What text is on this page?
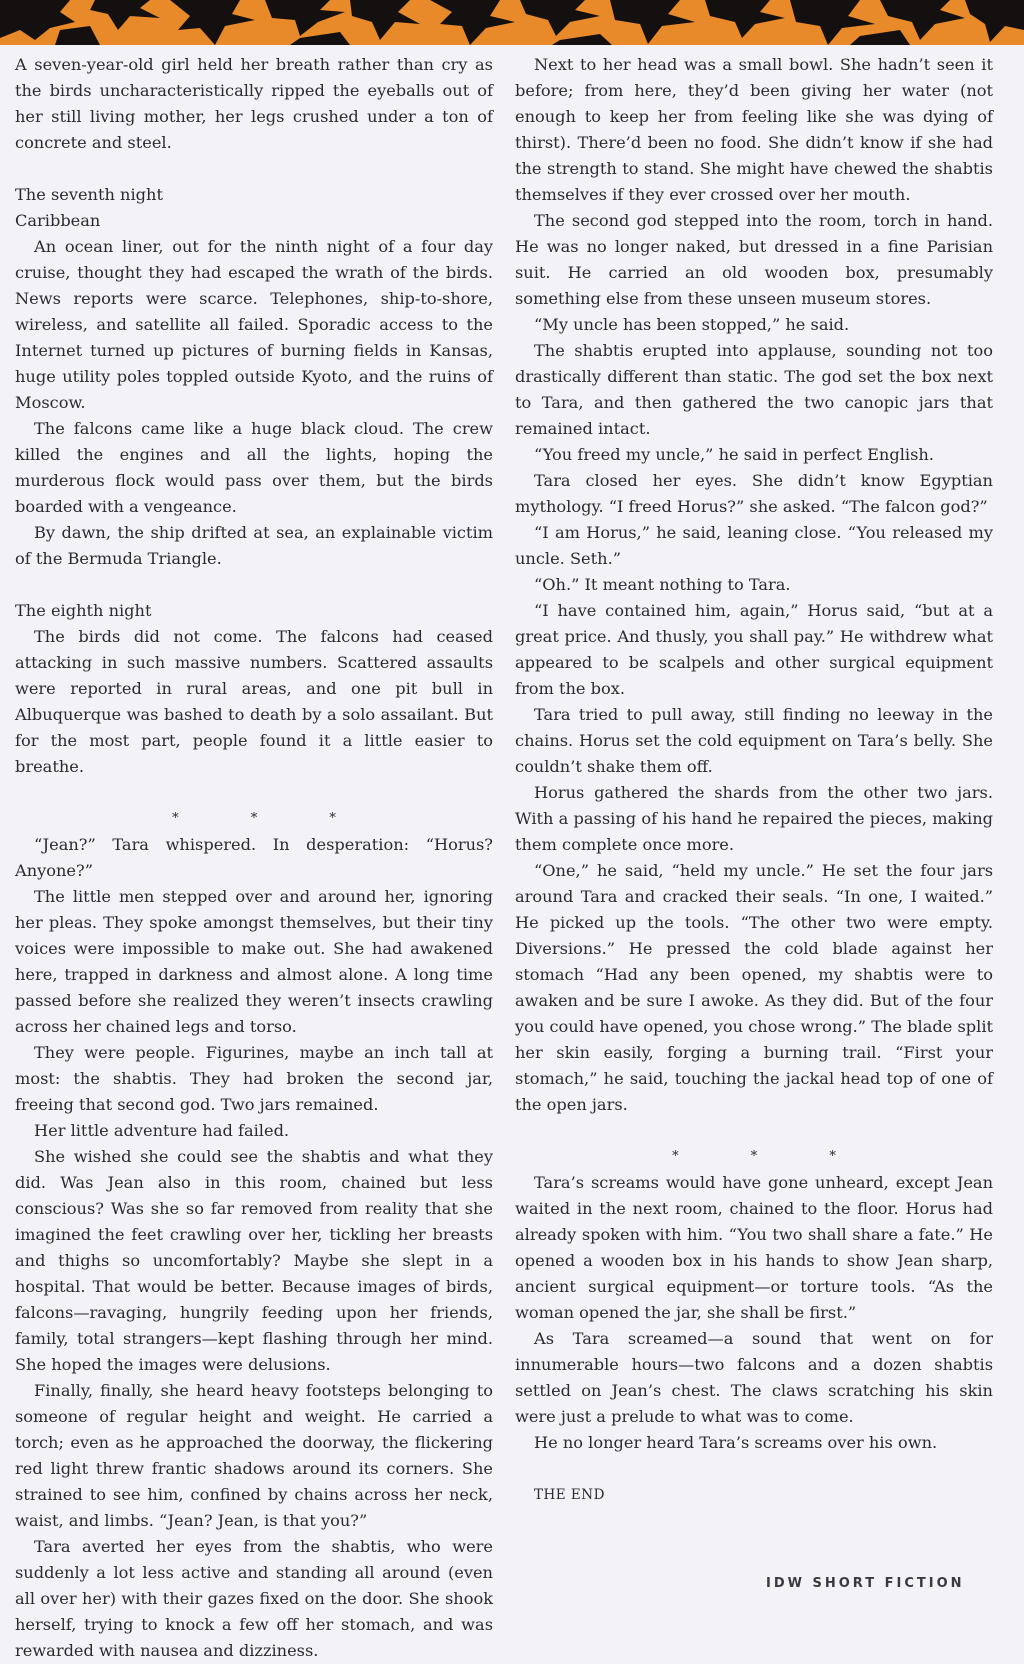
A seven-year-old girl held her breath rather than cry as the birds uncharacteristically ripped the eyeballs out of her still living mother, her legs crushed under a ton of concrete and steel.

The seventh night

Caribbean

An ocean liner, out for the ninth night of a four day cruise, thought they had escaped the wrath of the birds. News reports were scarce. Telephones, ship-to-shore, wireless, and satellite all failed. Sporadic access to the Internet turned up pictures of burning fields in Kansas, huge utility poles toppled outside Kyoto, and the ruins of Moscow.

The falcons came like a huge black cloud. The crew killed the engines and all the lights, hoping the murderous flock would pass over them, but the birds boarded with a vengeance.

By dawn, the ship drifted at sea, an explainable victim of the Bermuda Triangle.

The eighth night

The birds did not come. The falcons had ceased attacking in such massive numbers. Scattered assaults were reported in rural areas, and one pit bull in Albuquerque was bashed to death by a solo assailant. But for the most part, people found it a little easier to breathe.

* * *

“Jean?” Tara whispered. In desperation: “Horus? Anyone?”

The little men stepped over and around her, ignoring her pleas. They spoke amongst themselves, but their tiny voices were impossible to make out. She had awakened here, trapped in darkness and almost alone. A long time passed before she realized they weren’t insects crawling across her chained legs and torso.

They were people. Figurines, maybe an inch tall at most: the shabtis. They had broken the second jar, freeing that second god. Two jars remained.

Her little adventure had failed.

She wished she could see the shabtis and what they did. Was Jean also in this room, chained but less conscious? Was she so far removed from reality that she imagined the feet crawling over her, tickling her breasts and thighs so uncomfortably? Maybe she slept in a hospital. That would be better. Because images of birds, falcons—ravaging, hungrily feeding upon her friends, family, total strangers—kept flashing through her mind. She hoped the images were delusions.

Finally, finally, she heard heavy footsteps belonging to someone of regular height and weight. He carried a torch; even as he approached the doorway, the flickering red light threw frantic shadows around its corners. She strained to see him, confined by chains across her neck, waist, and limbs. “Jean? Jean, is that you?”

Tara averted her eyes from the shabtis, who were suddenly a lot less active and standing all around (even all over her) with their gazes fixed on the door. She shook herself, trying to knock a few off her stomach, and was rewarded with nausea and dizziness.

Next to her head was a small bowl. She hadn’t seen it before; from here, they’d been giving her water (not enough to keep her from feeling like she was dying of thirst). There’d been no food. She didn’t know if she had the strength to stand. She might have chewed the shabtis themselves if they ever crossed over her mouth.

The second god stepped into the room, torch in hand. He was no longer naked, but dressed in a fine Parisian suit. He carried an old wooden box, presumably something else from these unseen museum stores.

“My uncle has been stopped,” he said.

The shabtis erupted into applause, sounding not too drastically different than static. The god set the box next to Tara, and then gathered the two canopic jars that remained intact.

“You freed my uncle,” he said in perfect English.

Tara closed her eyes. She didn’t know Egyptian mythology. “I freed Horus?” she asked. “The falcon god?”

“I am Horus,” he said, leaning close. “You released my uncle. Seth.”

“Oh.” It meant nothing to Tara.

“I have contained him, again,” Horus said, “but at a great price. And thusly, you shall pay.” He withdrew what appeared to be scalpels and other surgical equipment from the box.

Tara tried to pull away, still finding no leeway in the chains. Horus set the cold equipment on Tara’s belly. She couldn’t shake them off.

Horus gathered the shards from the other two jars. With a passing of his hand he repaired the pieces, making them complete once more.

“One,” he said, “held my uncle.” He set the four jars around Tara and cracked their seals. “In one, I waited.” He picked up the tools. “The other two were empty. Diversions.” He pressed the cold blade against her stomach “Had any been opened, my shabtis were to awaken and be sure I awoke. As they did. But of the four you could have opened, you chose wrong.” The blade split her skin easily, forging a burning trail. “First your stomach,” he said, touching the jackal head top of one of the open jars.

* * *

Tara’s screams would have gone unheard, except Jean waited in the next room, chained to the floor. Horus had already spoken with him. “You two shall share a fate.” He opened a wooden box in his hands to show Jean sharp, ancient surgical equipment—or torture tools. “As the woman opened the jar, she shall be first.”

As Tara screamed—a sound that went on for innumerable hours—two falcons and a dozen shabtis settled on Jean’s chest. The claws scratching his skin were just a prelude to what was to come.

He no longer heard Tara’s screams over his own.

THE END

IDW SHORT FICTION
